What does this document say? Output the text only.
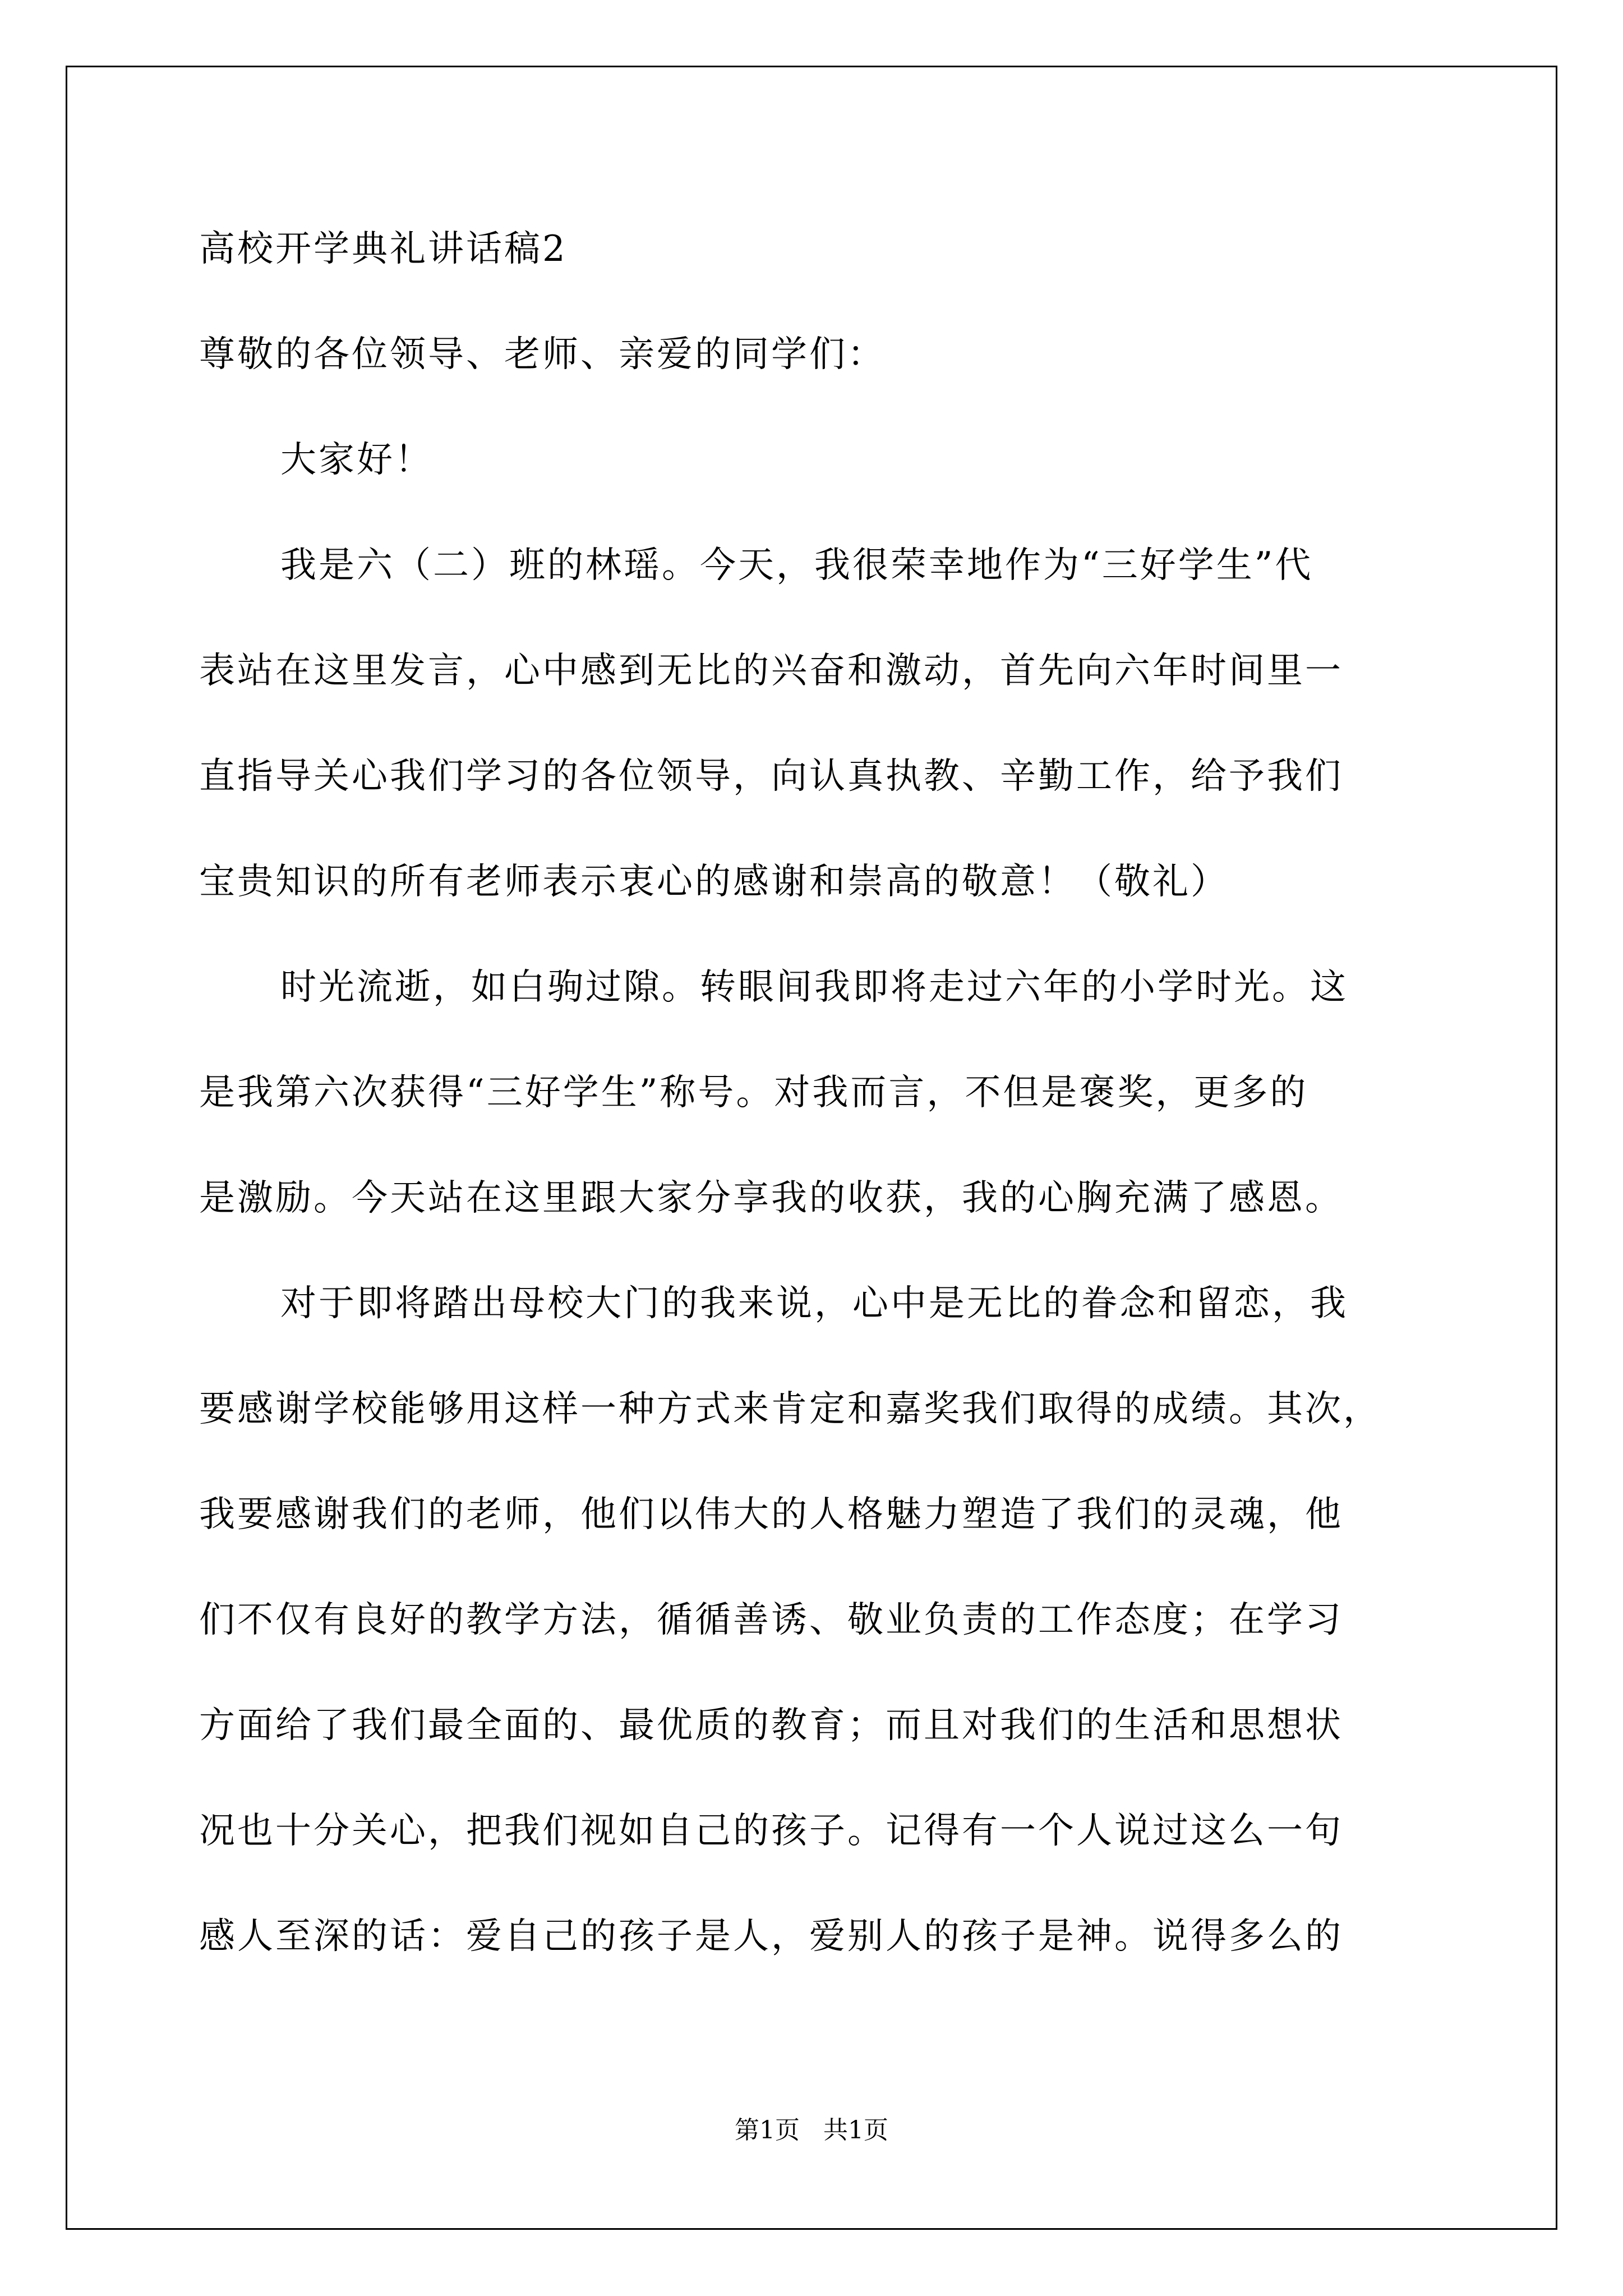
高校开学典礼讲话稿2

尊敬的各位领导、老师、亲爱的同学们：

大家好！

我是六（二）班的林瑶。今天，我很荣幸地作为“三好学生”代

表站在这里发言，心中感到无比的兴奋和激动，首先向六年时间里一

直指导关心我们学习的各位领导，向认真执教、辛勤工作，给予我们

宝贵知识的所有老师表示衷心的感谢和崇高的敬意！（敬礼）

时光流逝，如白驹过隙。转眼间我即将走过六年的小学时光。这

是我第六次获得“三好学生”称号。对我而言，不但是褒奖，更多的

是激励。今天站在这里跟大家分享我的收获，我的心胸充满了感恩。

对于即将踏出母校大门的我来说，心中是无比的眷念和留恋，我

要感谢学校能够用这样一种方式来肯定和嘉奖我们取得的成绩。其次，

我要感谢我们的老师，他们以伟大的人格魅力塑造了我们的灵魂，他

们不仅有良好的教学方法，循循善诱、敬业负责的工作态度；在学习

方面给了我们最全面的、最优质的教育；而且对我们的生活和思想状

况也十分关心，把我们视如自己的孩子。记得有一个人说过这么一句

感人至深的话：爱自己的孩子是人，爱别人的孩子是神。说得多么的

第1页   共1页
